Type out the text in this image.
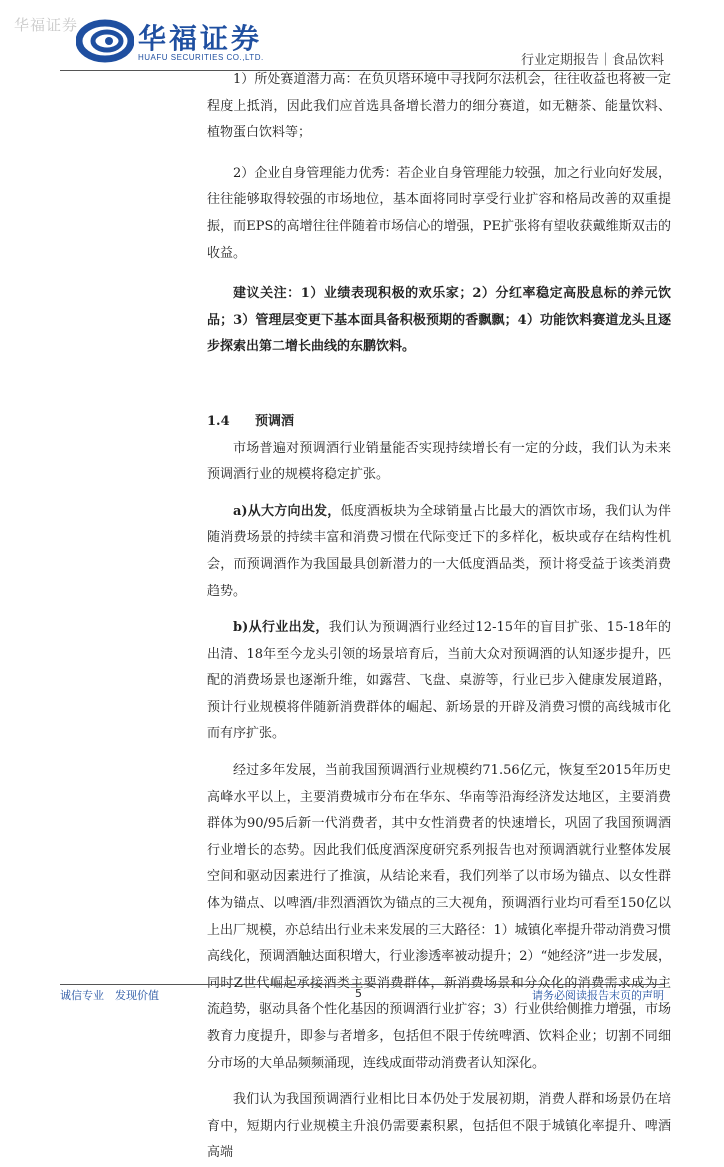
华福证券 华福证券
HUAFU SECURITIES CO.,LTD.	行业定期报告｜食品饮料

1）所处赛道潜力高：在负贝塔环境中寻找阿尔法机会，往往收益也将被一定程度上抵消，因此我们应首选具备增长潜力的细分赛道，如无糖茶、能量饮料、植物蛋白饮料等；

2）企业自身管理能力优秀：若企业自身管理能力较强，加之行业向好发展，往往能够取得较强的市场地位，基本面将同时享受行业扩容和格局改善的双重提振，而EPS的高增往往伴随着市场信心的增强，PE扩张将有望收获戴维斯双击的收益。

建议关注：1）业绩表现积极的欢乐家；2）分红率稳定高股息标的养元饮品；3）管理层变更下基本面具备积极预期的香飘飘；4）功能饮料赛道龙头且逐步探索出第二增长曲线的东鹏饮料。

1.4 预调酒

市场普遍对预调酒行业销量能否实现持续增长有一定的分歧，我们认为未来预调酒行业的规模将稳定扩张。

a)从大方向出发，低度酒板块为全球销量占比最大的酒饮市场，我们认为伴随消费场景的持续丰富和消费习惯在代际变迁下的多样化，板块或存在结构性机会，而预调酒作为我国最具创新潜力的一大低度酒品类，预计将受益于该类消费趋势。

b)从行业出发，我们认为预调酒行业经过12-15年的盲目扩张、15-18年的出清、18年至今龙头引领的场景培育后，当前大众对预调酒的认知逐步提升，匹配的消费场景也逐渐升维，如露营、飞盘、桌游等，行业已步入健康发展道路，预计行业规模将伴随新消费群体的崛起、新场景的开辟及消费习惯的高线城市化而有序扩张。

经过多年发展，当前我国预调酒行业规模约71.56亿元，恢复至2015年历史高峰水平以上，主要消费城市分布在华东、华南等沿海经济发达地区，主要消费群体为90/95后新一代消费者，其中女性消费者的快速增长，巩固了我国预调酒行业增长的态势。因此我们低度酒深度研究系列报告也对预调酒就行业整体发展空间和驱动因素进行了推演，从结论来看，我们列举了以市场为锚点、以女性群体为锚点、以啤酒/非烈酒酒饮为锚点的三大视角，预调酒行业均可看至150亿以上出厂规模，亦总结出行业未来发展的三大路径：1）城镇化率提升带动消费习惯高线化，预调酒触达面积增大，行业渗透率被动提升；2）“她经济”进一步发展，同时Z世代崛起承接酒类主要消费群体，新消费场景和分众化的消费需求成为主流趋势，驱动具备个性化基因的预调酒行业扩容；3）行业供给侧推力增强，市场教育力度提升，即参与者增多，包括但不限于传统啤酒、饮料企业；切割不同细分市场的大单品频频涌现，连线成面带动消费者认知深化。

我们认为我国预调酒行业相比日本仍处于发展初期，消费人群和场景仍在培育中，短期内行业规模主升浪仍需要素积累，包括但不限于城镇化率提升、啤酒高端

诚信专业　发现价值	5	请务必阅读报告末页的声明
